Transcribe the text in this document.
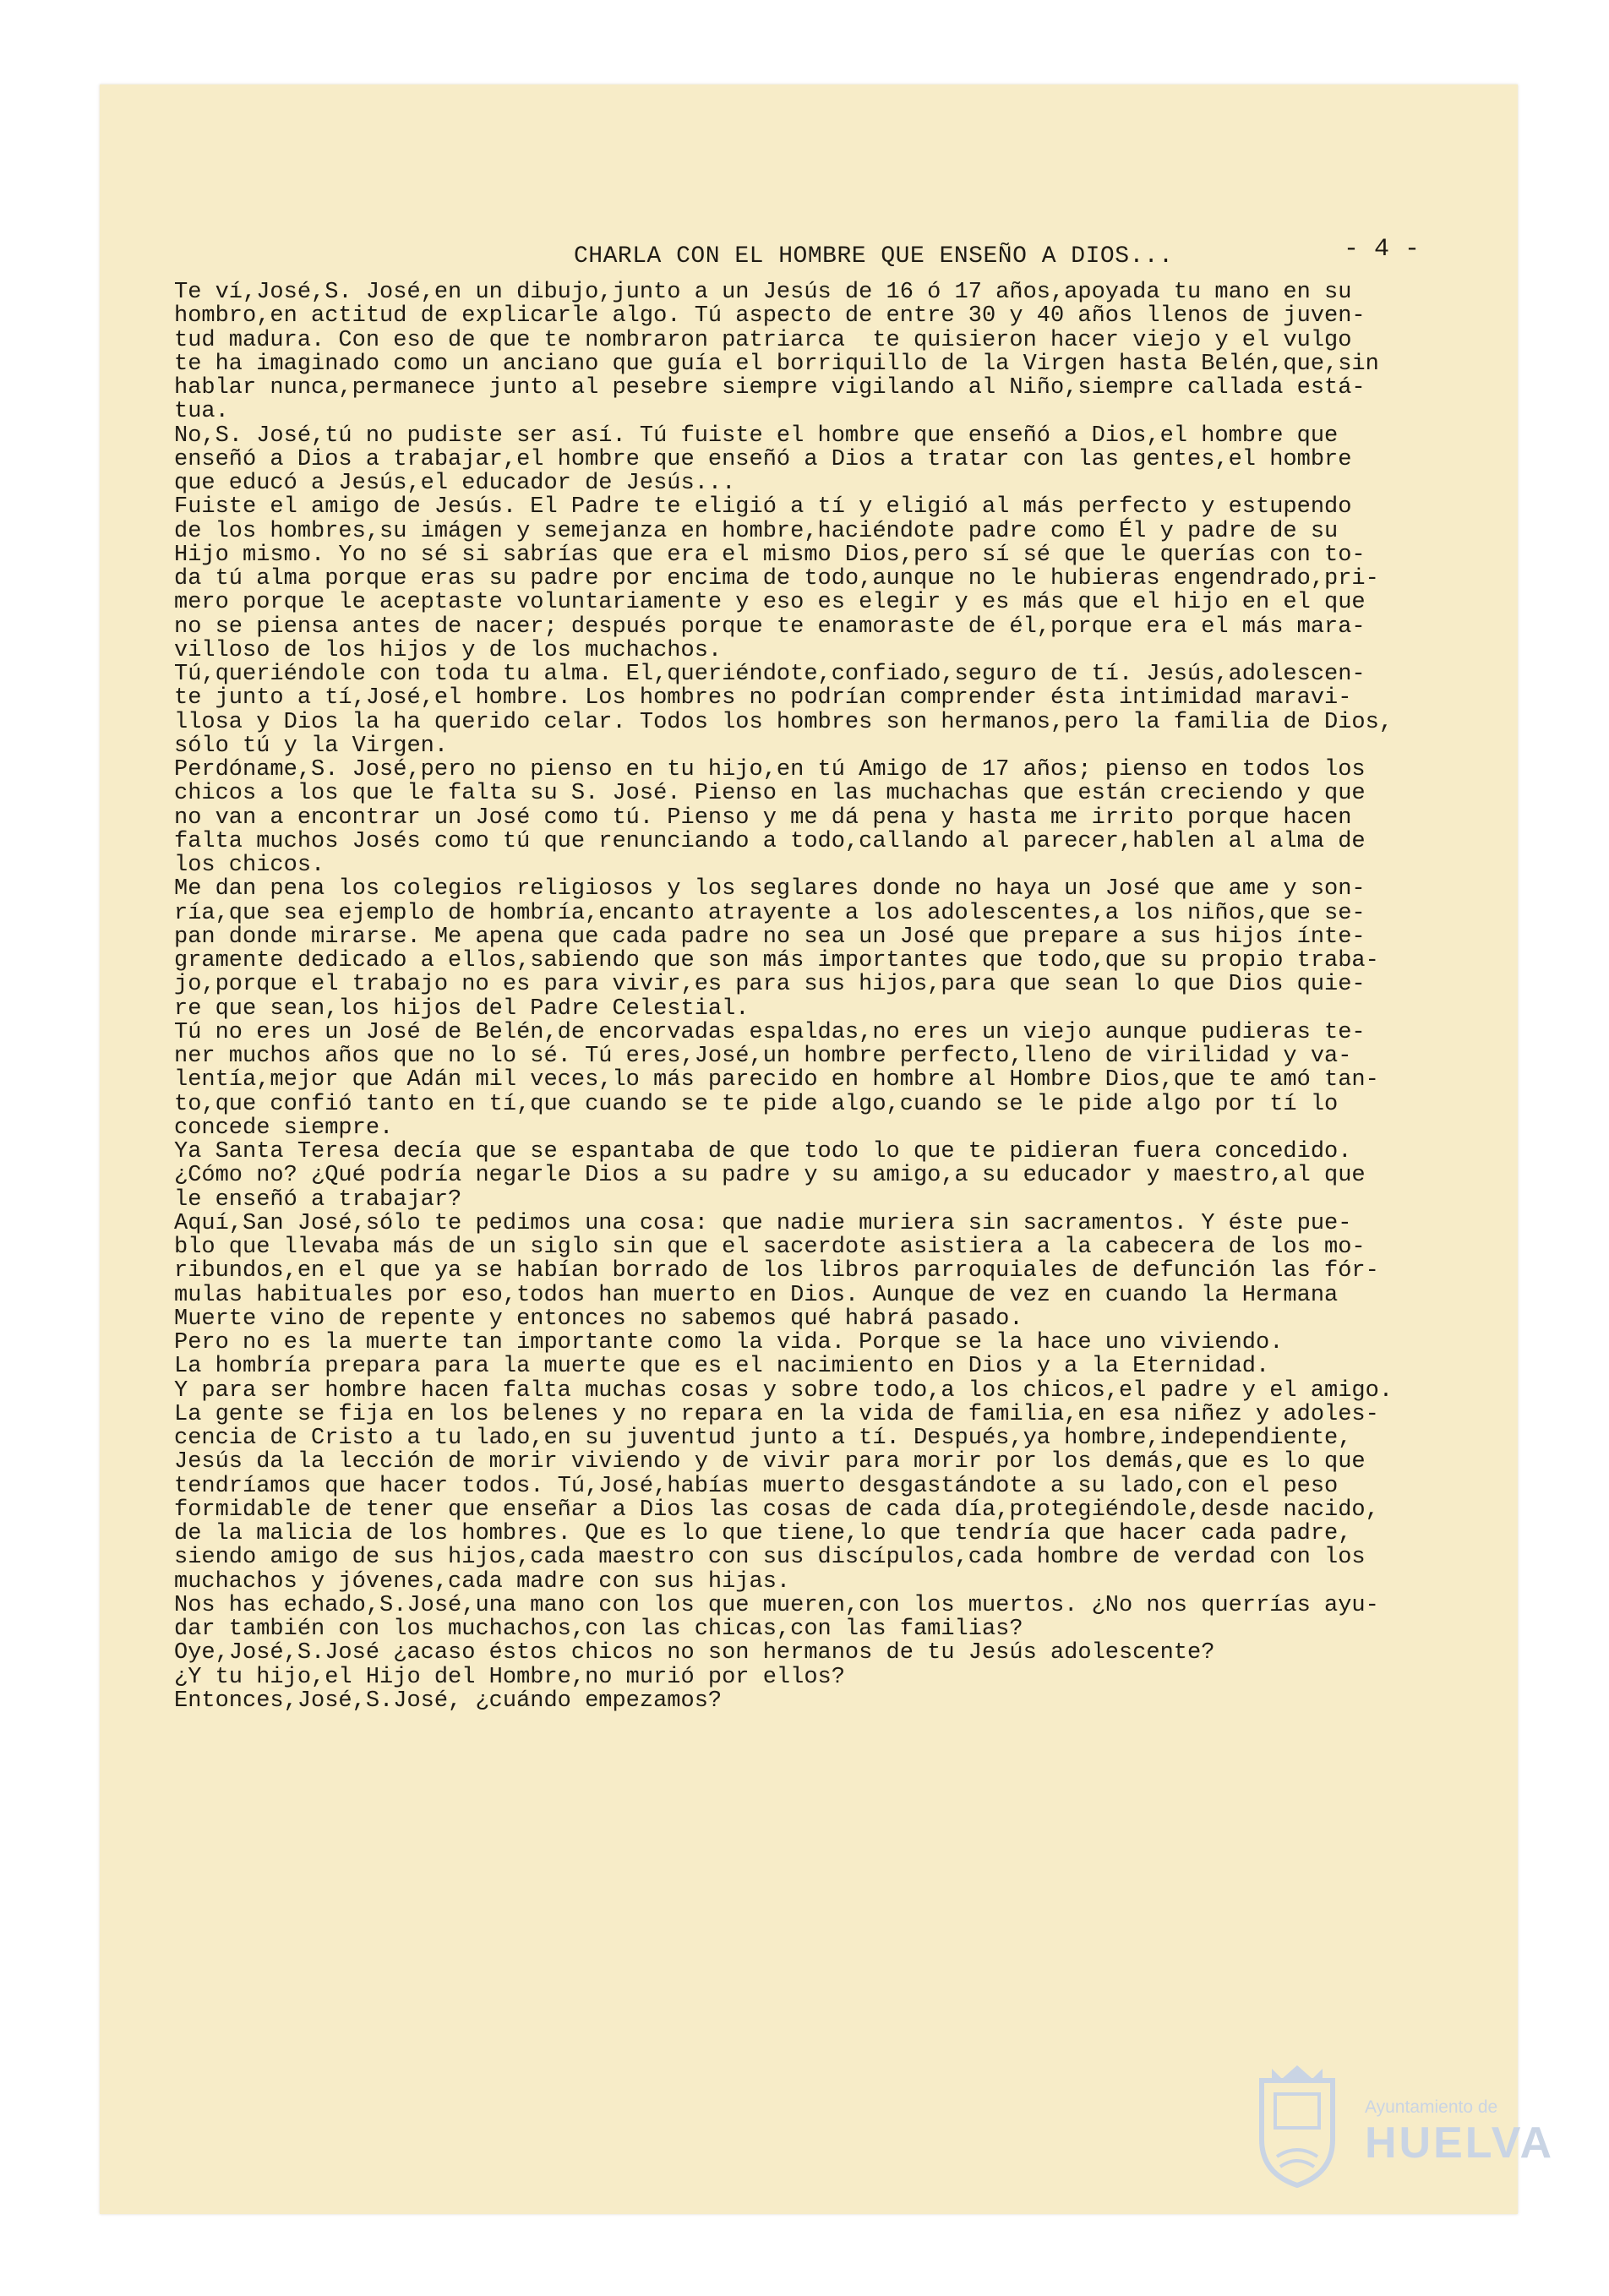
CHARLA CON EL HOMBRE QUE ENSEÑO A DIOS...	- 4 -

Te ví,José,S. José,en un dibujo,junto a un Jesús de 16 ó 17 años,apoyada tu mano en su

hombro,en actitud de explicarle algo. Tú aspecto de entre 30 y 40 años llenos de juven-

tud madura. Con eso de que te nombraron patriarca  te quisieron hacer viejo y el vulgo

te ha imaginado como un anciano que guía el borriquillo de la Virgen hasta Belén,que,sin

hablar nunca,permanece junto al pesebre siempre vigilando al Niño,siempre callada está-

tua.

No,S. José,tú no pudiste ser así. Tú fuiste el hombre que enseñó a Dios,el hombre que

enseñó a Dios a trabajar,el hombre que enseñó a Dios a tratar con las gentes,el hombre

que educó a Jesús,el educador de Jesús...

Fuiste el amigo de Jesús. El Padre te eligió a tí y eligió al más perfecto y estupendo

de los hombres,su imágen y semejanza en hombre,haciéndote padre como Él y padre de su

Hijo mismo. Yo no sé si sabrías que era el mismo Dios,pero sí sé que le querías con to-

da tú alma porque eras su padre por encima de todo,aunque no le hubieras engendrado,pri-

mero porque le aceptaste voluntariamente y eso es elegir y es más que el hijo en el que

no se piensa antes de nacer; después porque te enamoraste de él,porque era el más mara-

villoso de los hijos y de los muchachos.

Tú,queriéndole con toda tu alma. El,queriéndote,confiado,seguro de tí. Jesús,adolescen-

te junto a tí,José,el hombre. Los hombres no podrían comprender ésta intimidad maravi-

llosa y Dios la ha querido celar. Todos los hombres son hermanos,pero la familia de Dios,

sólo tú y la Virgen.

Perdóname,S. José,pero no pienso en tu hijo,en tú Amigo de 17 años; pienso en todos los

chicos a los que le falta su S. José. Pienso en las muchachas que están creciendo y que

no van a encontrar un José como tú. Pienso y me dá pena y hasta me irrito porque hacen

falta muchos Josés como tú que renunciando a todo,callando al parecer,hablen al alma de

los chicos.

Me dan pena los colegios religiosos y los seglares donde no haya un José que ame y son-

ría,que sea ejemplo de hombría,encanto atrayente a los adolescentes,a los niños,que se-

pan donde mirarse. Me apena que cada padre no sea un José que prepare a sus hijos ínte-

gramente dedicado a ellos,sabiendo que son más importantes que todo,que su propio traba-

jo,porque el trabajo no es para vivir,es para sus hijos,para que sean lo que Dios quie-

re que sean,los hijos del Padre Celestial.

Tú no eres un José de Belén,de encorvadas espaldas,no eres un viejo aunque pudieras te-

ner muchos años que no lo sé. Tú eres,José,un hombre perfecto,lleno de virilidad y va-

lentía,mejor que Adán mil veces,lo más parecido en hombre al Hombre Dios,que te amó tan-

to,que confió tanto en tí,que cuando se te pide algo,cuando se le pide algo por tí lo

concede siempre.

Ya Santa Teresa decía que se espantaba de que todo lo que te pidieran fuera concedido.

¿Cómo no? ¿Qué podría negarle Dios a su padre y su amigo,a su educador y maestro,al que

le enseñó a trabajar?

Aquí,San José,sólo te pedimos una cosa: que nadie muriera sin sacramentos. Y éste pue-

blo que llevaba más de un siglo sin que el sacerdote asistiera a la cabecera de los mo-

ribundos,en el que ya se habían borrado de los libros parroquiales de defunción las fór-

mulas habituales por eso,todos han muerto en Dios. Aunque de vez en cuando la Hermana

Muerte vino de repente y entonces no sabemos qué habrá pasado.

Pero no es la muerte tan importante como la vida. Porque se la hace uno viviendo.

La hombría prepara para la muerte que es el nacimiento en Dios y a la Eternidad.

Y para ser hombre hacen falta muchas cosas y sobre todo,a los chicos,el padre y el amigo.

La gente se fija en los belenes y no repara en la vida de familia,en esa niñez y adoles-

cencia de Cristo a tu lado,en su juventud junto a tí. Después,ya hombre,independiente,

Jesús da la lección de morir viviendo y de vivir para morir por los demás,que es lo que

tendríamos que hacer todos. Tú,José,habías muerto desgastándote a su lado,con el peso

formidable de tener que enseñar a Dios las cosas de cada día,protegiéndole,desde nacido,

de la malicia de los hombres. Que es lo que tiene,lo que tendría que hacer cada padre,

siendo amigo de sus hijos,cada maestro con sus discípulos,cada hombre de verdad con los

muchachos y jóvenes,cada madre con sus hijas.

Nos has echado,S.José,una mano con los que mueren,con los muertos. ¿No nos querrías ayu-

dar también con los muchachos,con las chicas,con las familias?

Oye,José,S.José ¿acaso éstos chicos no son hermanos de tu Jesús adolescente?

¿Y tu hijo,el Hijo del Hombre,no murió por ellos?

Entonces,José,S.José, ¿cuándo empezamos?

Ayuntamiento de
HUELVA
